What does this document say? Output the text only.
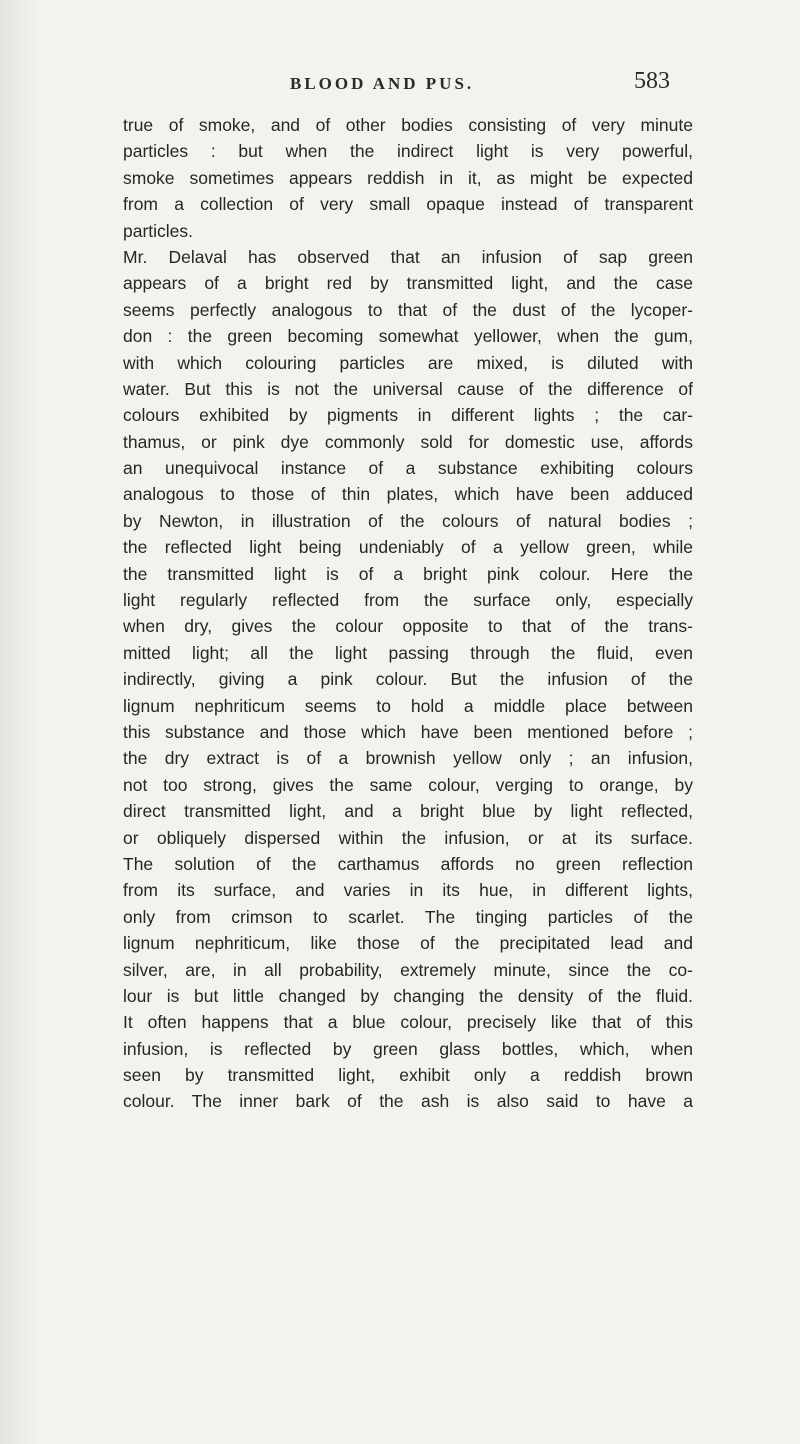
BLOOD AND PUS.	583
true of smoke, and of other bodies consisting of very minute
particles : but when the indirect light is very powerful,
smoke sometimes appears reddish in it, as might be expected
from a collection of very small opaque instead of transparent
particles.
Mr. Delaval has observed that an infusion of sap green
appears of a bright red by transmitted light, and the case
seems perfectly analogous to that of the dust of the lycoper-
don : the green becoming somewhat yellower, when the gum,
with which colouring particles are mixed, is diluted with
water. But this is not the universal cause of the difference of
colours exhibited by pigments in different lights ; the car-
thamus, or pink dye commonly sold for domestic use, affords
an unequivocal instance of a substance exhibiting colours
analogous to those of thin plates, which have been adduced
by Newton, in illustration of the colours of natural bodies ;
the reflected light being undeniably of a yellow green, while
the transmitted light is of a bright pink colour. Here the
light regularly reflected from the surface only, especially
when dry, gives the colour opposite to that of the trans-
mitted light; all the light passing through the fluid, even
indirectly, giving a pink colour. But the infusion of the
lignum nephriticum seems to hold a middle place between
this substance and those which have been mentioned before ;
the dry extract is of a brownish yellow only ; an infusion,
not too strong, gives the same colour, verging to orange, by
direct transmitted light, and a bright blue by light reflected,
or obliquely dispersed within the infusion, or at its surface.
The solution of the carthamus affords no green reflection
from its surface, and varies in its hue, in different lights,
only from crimson to scarlet. The tinging particles of the
lignum nephriticum, like those of the precipitated lead and
silver, are, in all probability, extremely minute, since the co-
lour is but little changed by changing the density of the fluid.
It often happens that a blue colour, precisely like that of this
infusion, is reflected by green glass bottles, which, when
seen by transmitted light, exhibit only a reddish brown
colour. The inner bark of the ash is also said to have a
